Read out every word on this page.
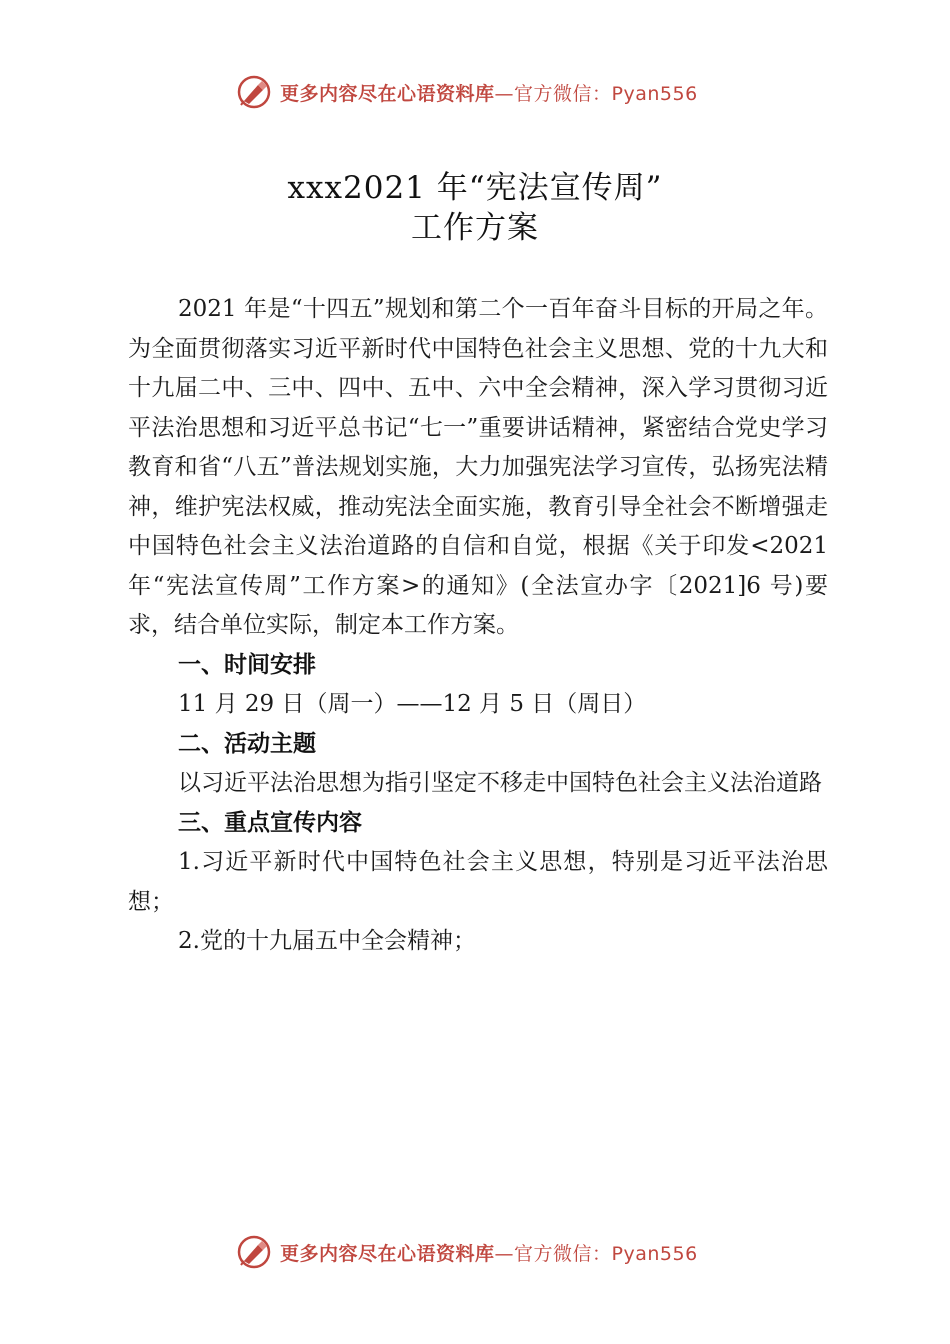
更多内容尽在心语资料库—官方微信：Pyan556
xxx2021 年“宪法宣传周”
工作方案

2021 年是“十四五”规划和第二个一百年奋斗目标的开局之年。为全面贯彻落实习近平新时代中国特色社会主义思想、党的十九大和十九届二中、三中、四中、五中、六中全会精神，深入学习贯彻习近平法治思想和习近平总书记“七一”重要讲话精神，紧密结合党史学习教育和省“八五”普法规划实施，大力加强宪法学习宣传，弘扬宪法精神，维护宪法权威，推动宪法全面实施，教育引导全社会不断增强走中国特色社会主义法治道路的自信和自觉，根据《关于印发<2021 年“宪法宣传周”工作方案>的通知》(全法宣办字〔2021]6 号)要求，结合单位实际，制定本工作方案。

一、时间安排

11 月 29 日（周一）——12 月 5 日（周日）

二、活动主题

以习近平法治思想为指引坚定不移走中国特色社会主义法治道路

三、重点宣传内容

1.习近平新时代中国特色社会主义思想，特别是习近平法治思想；

2.党的十九届五中全会精神；

更多内容尽在心语资料库—官方微信：Pyan556
